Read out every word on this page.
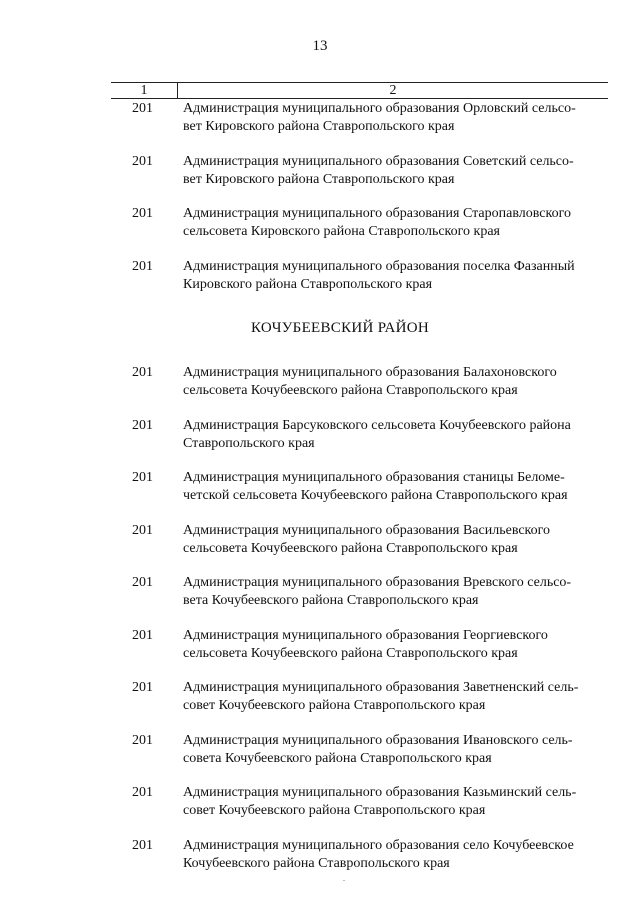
13
1	2
201	Администрация муниципального образования Орловский сельсо-
вет Кировского района Ставропольского края
201	Администрация муниципального образования Советский сельсо-
вет Кировского района Ставропольского края
201	Администрация муниципального образования Старопавловского
сельсовета Кировского района Ставропольского края
201	Администрация муниципального образования поселка Фазанный
Кировского района Ставропольского края
КОЧУБЕЕВСКИЙ РАЙОН
201	Администрация муниципального образования Балахоновского
сельсовета Кочубеевского района Ставропольского края
201	Администрация Барсуковского сельсовета Кочубеевского района
Ставропольского края
201	Администрация муниципального образования станицы Беломе-
четской сельсовета Кочубеевского района Ставропольского края
201	Администрация муниципального образования Васильевского
сельсовета Кочубеевского района Ставропольского края
201	Администрация муниципального образования Вревского сельсо-
вета Кочубеевского района Ставропольского края
201	Администрация муниципального образования Георгиевского
сельсовета Кочубеевского района Ставропольского края
201	Администрация муниципального образования Заветненский сель-
совет Кочубеевского района Ставропольского края
201	Администрация муниципального образования Ивановского сель-
совета Кочубеевского района Ставропольского края
201	Администрация муниципального образования Казьминский сель-
совет Кочубеевского района Ставропольского края
201	Администрация муниципального образования село Кочубеевское
Кочубеевского района Ставропольского края
